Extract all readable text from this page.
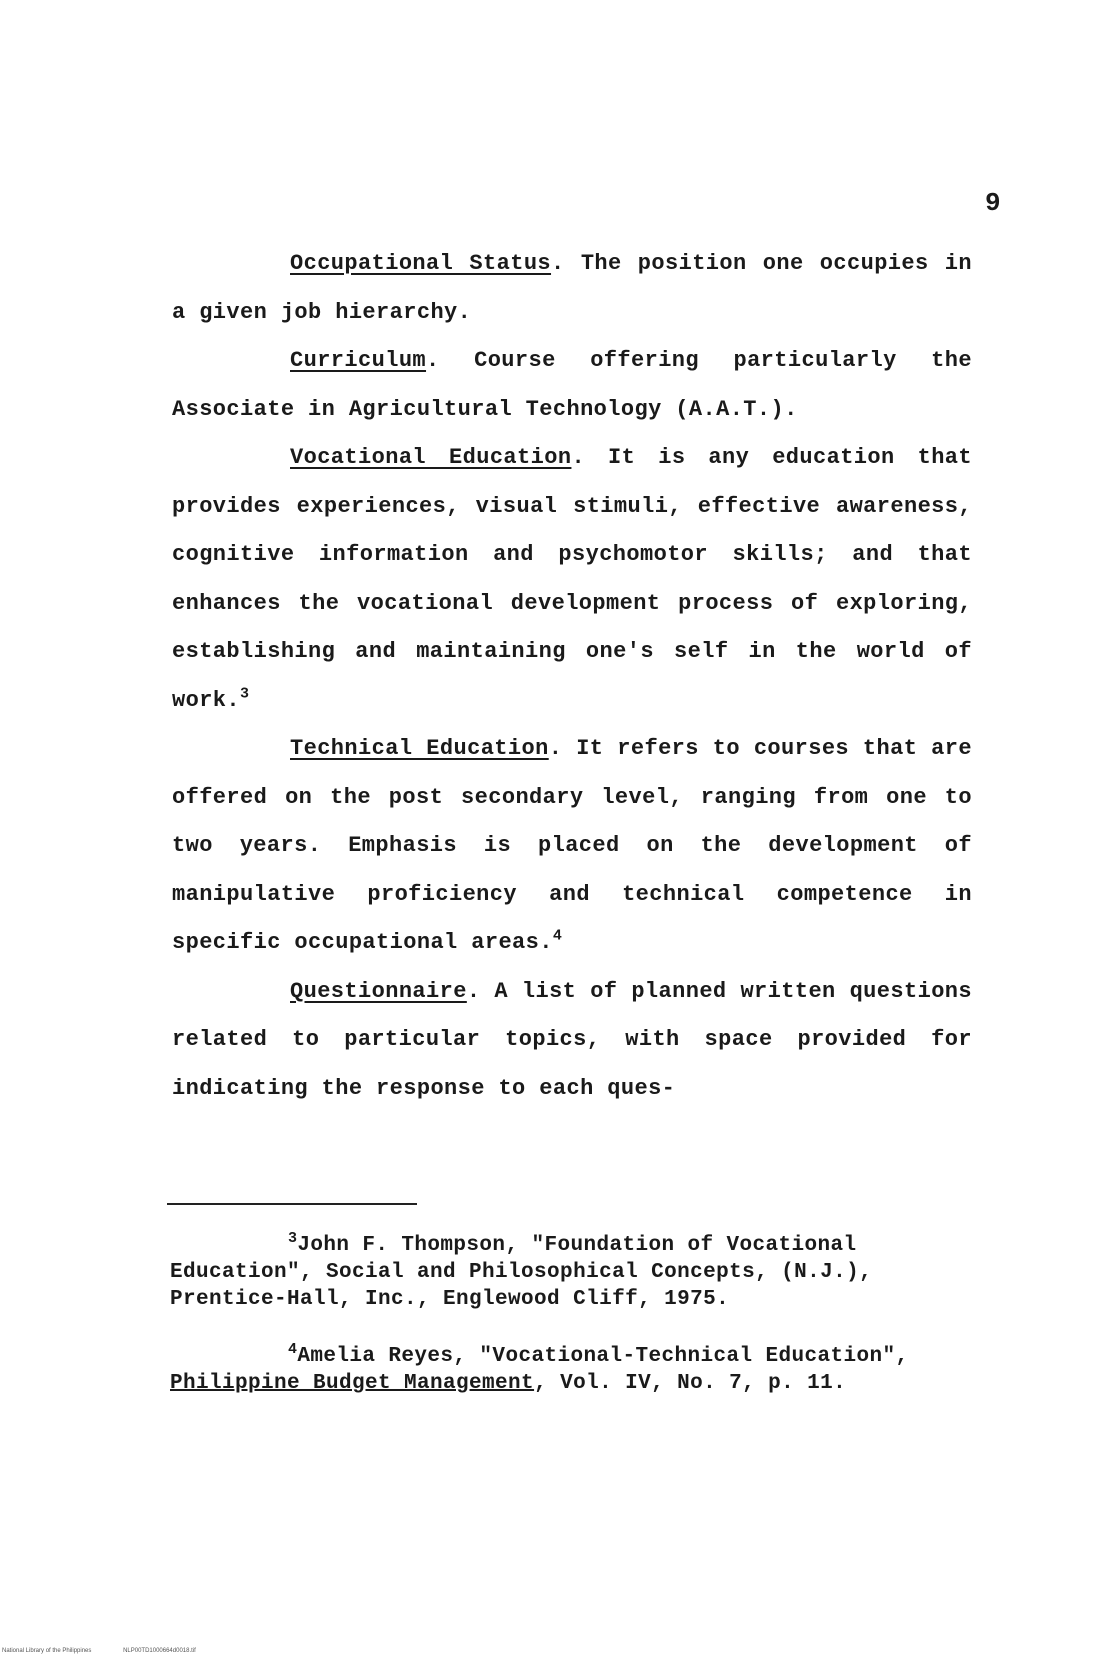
9

Occupational Status. The position one occupies in a given job hierarchy.

Curriculum. Course offering particularly the Associate in Agricultural Technology (A.A.T.).

Vocational Education. It is any education that provides experiences, visual stimuli, effective awareness, cognitive information and psychomotor skills; and that enhances the vocational development process of exploring, establishing and maintaining one's self in the world of work.$^3$

Technical Education. It refers to courses that are offered on the post secondary level, ranging from one to two years. Emphasis is placed on the development of manipulative proficiency and technical competence in specific occupational areas.$^4$

Questionnaire. A list of planned written questions related to particular topics, with space provided for indicating the response to each ques-

$^3$John F. Thompson, "Foundation of Vocational Education", Social and Philosophical Concepts, (N.J.), Prentice-Hall, Inc., Englewood Cliff, 1975.

$^4$Amelia Reyes, "Vocational-Technical Education", Philippine Budget Management, Vol. IV, No. 7, p. 11.

National Library of the Philippines	NLP00TD1000664d0018.tif
